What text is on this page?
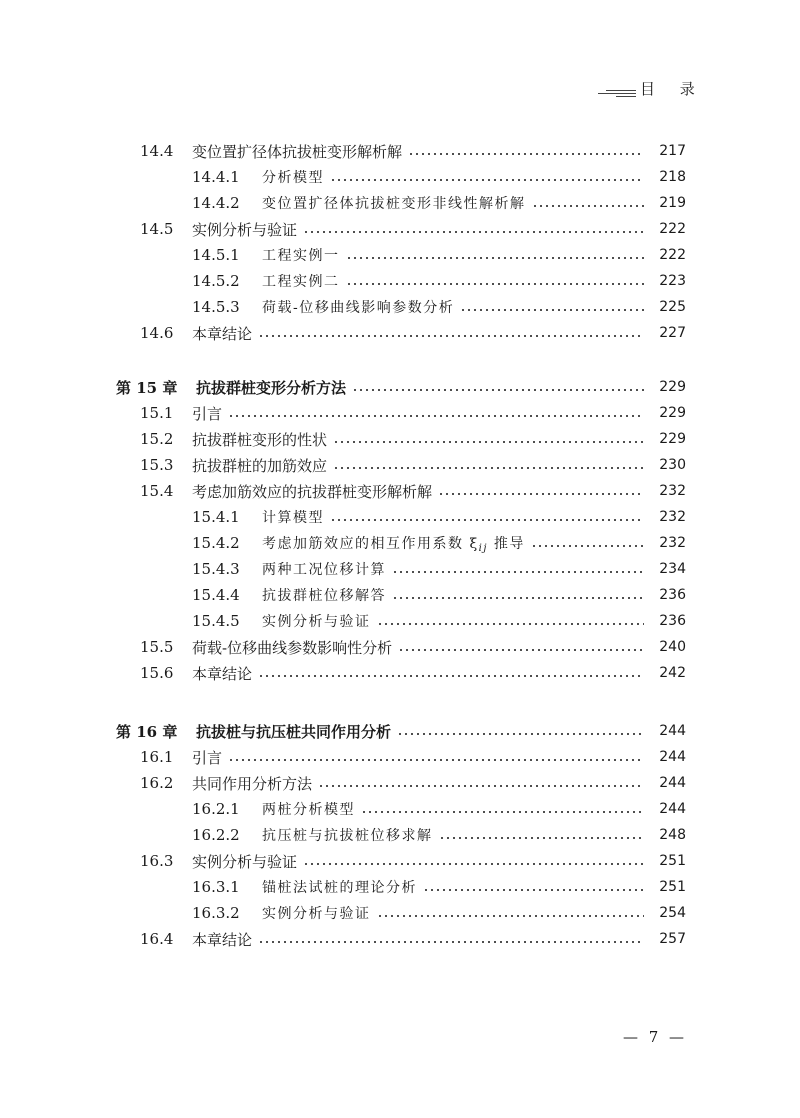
目 录
14.4	变位置扩径体抗拔桩变形解析解	217
14.4.1	分析模型	218
14.4.2	变位置扩径体抗拔桩变形非线性解析解	219
14.5	实例分析与验证	222
14.5.1	工程实例一	222
14.5.2	工程实例二	223
14.5.3	荷载-位移曲线影响参数分析	225
14.6	本章结论	227
第 15 章	抗拔群桩变形分析方法	229
15.1	引言	229
15.2	抗拔群桩变形的性状	229
15.3	抗拔群桩的加筋效应	230
15.4	考虑加筋效应的抗拔群桩变形解析解	232
15.4.1	计算模型	232
15.4.2	考虑加筋效应的相互作用系数 $\xi_{ij}$ 推导	232
15.4.3	两种工况位移计算	234
15.4.4	抗拔群桩位移解答	236
15.4.5	实例分析与验证	236
15.5	荷载-位移曲线参数影响性分析	240
15.6	本章结论	242
第 16 章	抗拔桩与抗压桩共同作用分析	244
16.1	引言	244
16.2	共同作用分析方法	244
16.2.1	两桩分析模型	244
16.2.2	抗压桩与抗拔桩位移求解	248
16.3	实例分析与验证	251
16.3.1	锚桩法试桩的理论分析	251
16.3.2	实例分析与验证	254
16.4	本章结论	257
— 7 —
